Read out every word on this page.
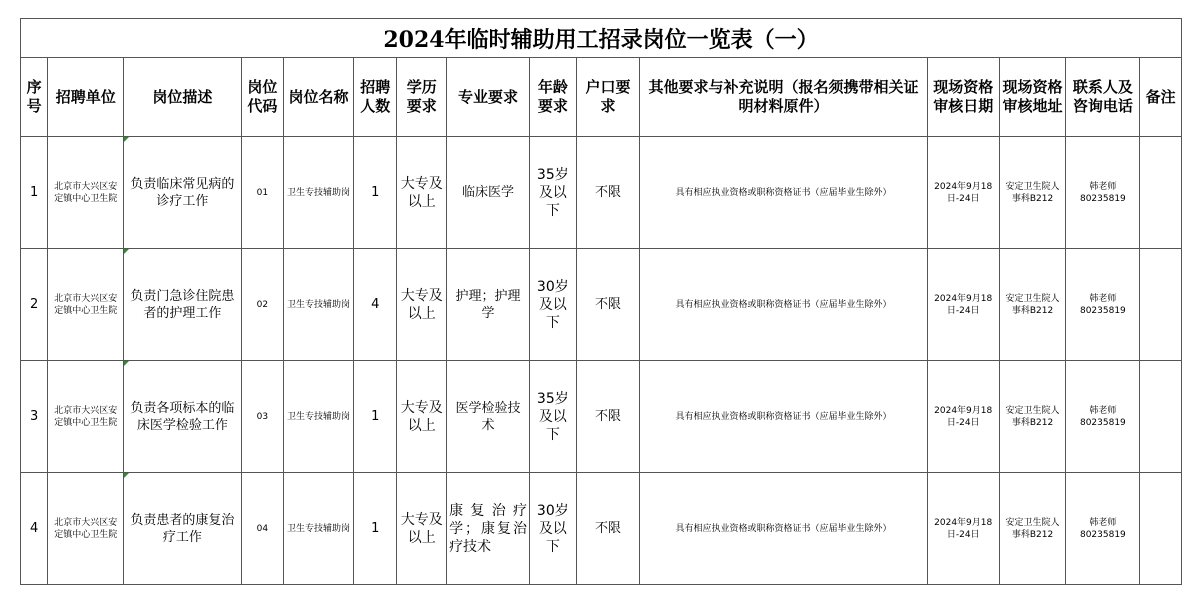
2024年临时辅助用工招录岗位一览表（一）														
序号	招聘单位	岗位描述	岗位代码	岗位名称	招聘人数	学历要求	专业要求	年龄要求	户口要求	其他要求与补充说明（报名须携带相关证明材料原件）	现场资格审核日期	现场资格审核地址	联系人及咨询电话	备注
1	北京市大兴区安定镇中心卫生院	负责临床常见病的诊疗工作	01	卫生专技辅助岗	1	大专及以上	临床医学	35岁及以下	不限	具有相应执业资格或职称资格证书（应届毕业生除外）	2024年9月18日-24日	安定卫生院人事科B212	韩老师
80235819	

2	北京市大兴区安定镇中心卫生院	负责门急诊住院患者的护理工作	02	卫生专技辅助岗	4	大专及以上	护理；护理学	30岁及以下	不限	具有相应执业资格或职称资格证书（应届毕业生除外）	2024年9月18日-24日	安定卫生院人事科B212	韩老师
80235819	

3	北京市大兴区安定镇中心卫生院	负责各项标本的临床医学检验工作	03	卫生专技辅助岗	1	大专及以上	医学检验技术	35岁及以下	不限	具有相应执业资格或职称资格证书（应届毕业生除外）	2024年9月18日-24日	安定卫生院人事科B212	韩老师
80235819	

4	北京市大兴区安定镇中心卫生院	负责患者的康复治疗工作	04	卫生专技辅助岗	1	大专及以上	康复治疗学；康复治疗技术	30岁及以下	不限	具有相应执业资格或职称资格证书（应届毕业生除外）	2024年9月18日-24日	安定卫生院人事科B212	韩老师
80235819	
